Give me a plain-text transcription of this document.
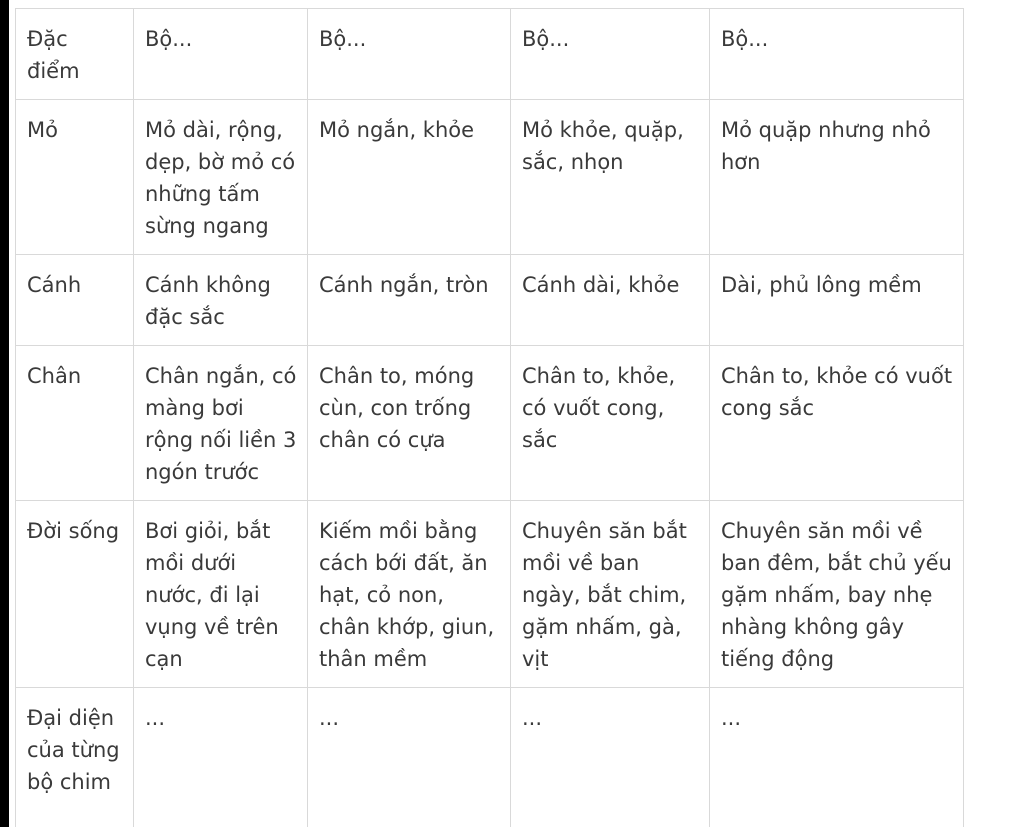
Đặc điểm	Bộ...	Bộ...	Bộ...	Bộ...
Mỏ	Mỏ dài, rộng, dẹp, bờ mỏ có những tấm sừng ngang	Mỏ ngắn, khỏe	Mỏ khỏe, quặp, sắc, nhọn	Mỏ quặp nhưng nhỏ hơn
Cánh	Cánh không đặc sắc	Cánh ngắn, tròn	Cánh dài, khỏe	Dài, phủ lông mềm
Chân	Chân ngắn, có màng bơi rộng nối liền 3 ngón trước	Chân to, móng cùn, con trống chân có cựa	Chân to, khỏe, có vuốt cong, sắc	Chân to, khỏe có vuốt cong sắc
Đời sống	Bơi giỏi, bắt mồi dưới nước, đi lại vụng về trên cạn	Kiếm mồi bằng cách bới đất, ăn hạt, cỏ non, chân khớp, giun, thân mềm	Chuyên săn bắt mồi về ban ngày, bắt chim, gặm nhấm, gà, vịt	Chuyên săn mồi về ban đêm, bắt chủ yếu gặm nhấm, bay nhẹ nhàng không gây tiếng động
Đại diện của từng bộ chim	...	...	...	...
